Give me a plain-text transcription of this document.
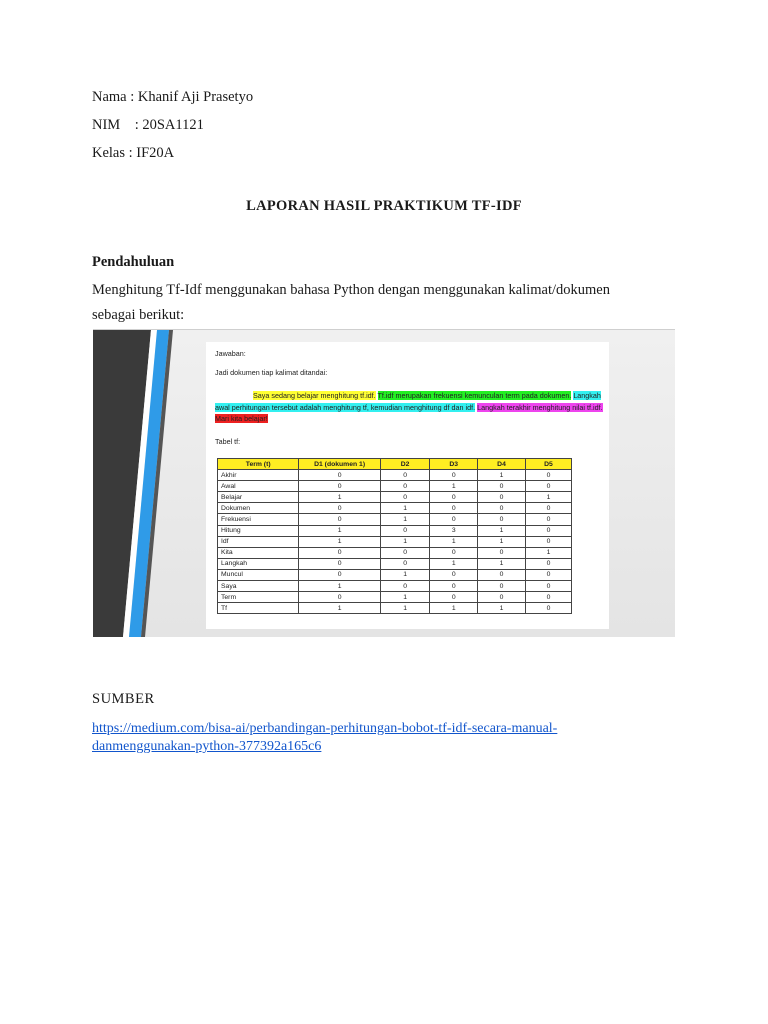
Nama : Khanif Aji Prasetyo
NIM    : 20SA1121
Kelas : IF20A
LAPORAN HASIL PRAKTIKUM TF-IDF
Pendahuluan
Menghitung Tf-Idf menggunakan bahasa Python dengan menggunakan kalimat/dokumen
sebagai berikut:
Jawaban:
Jadi dokumen tiap kalimat ditandai:
Saya sedang belajar menghitung tf.idf. Tf.idf merupakan frekuensi kemunculan term pada dokumen. Langkah awal perhitungan tersebut adalah menghitung tf, kemudian menghitung df dan idf. Langkah terakhir menghitung nilai tf.idf. Mari kita belajar!
Tabel tf:
Term (t)	D1 (dokumen 1)	D2	D3	D4	D5
Akhir	0	0	0	1	0
Awal	0	0	1	0	0
Belajar	1	0	0	0	1
Dokumen	0	1	0	0	0
Frekuensi	0	1	0	0	0
Hitung	1	0	3	1	0
Idf	1	1	1	1	0
Kita	0	0	0	0	1
Langkah	0	0	1	1	0
Muncul	0	1	0	0	0
Saya	1	0	0	0	0
Term	0	1	0	0	0
Tf	1	1	1	1	0
SUMBER
https://medium.com/bisa-ai/perbandingan-perhitungan-bobot-tf-idf-secara-manual-
danmenggunakan-python-377392a165c6
